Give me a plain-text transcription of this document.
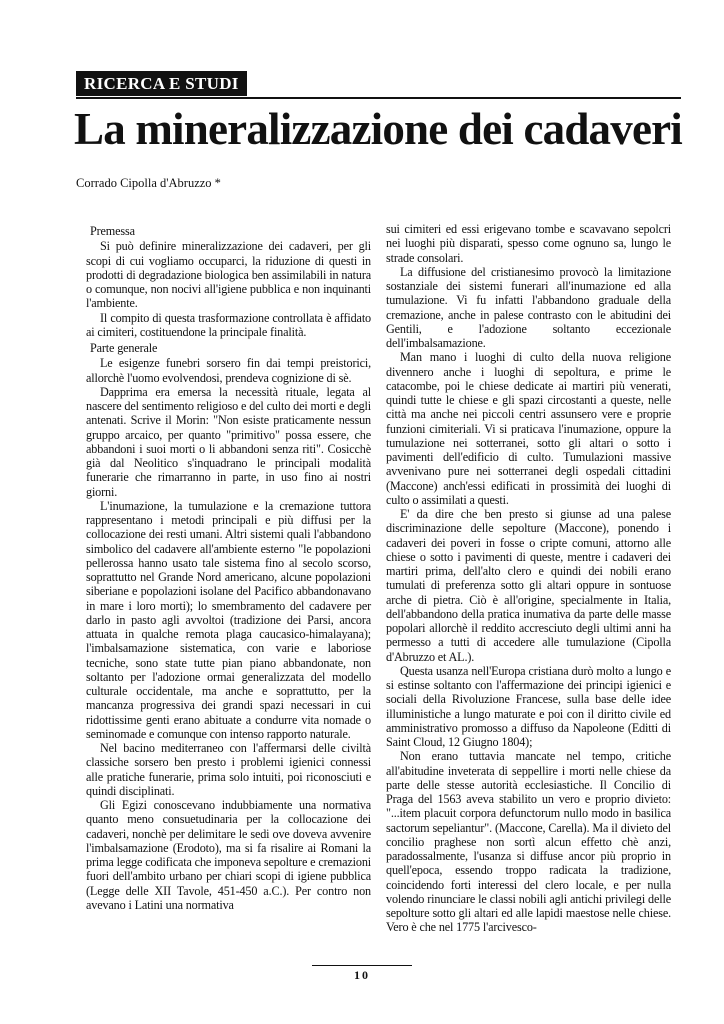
RICERCA E STUDI
La mineralizzazione dei cadaveri
Corrado Cipolla d'Abruzzo *

Premessa

Si può definire mineralizzazione dei cadaveri, per gli scopi di cui vogliamo occuparci, la riduzione di questi in prodotti di degradazione biologica ben assimilabili in natura o comunque, non nocivi all'igiene pubblica e non inquinanti l'ambiente.

Il compito di questa trasformazione controllata è affidato ai cimiteri, costituendone la principale finalità.

Parte generale

Le esigenze funebri sorsero fin dai tempi preistorici, allorchè l'uomo evolvendosi, prendeva cognizione di sè.

Dapprima era emersa la necessità rituale, legata al nascere del sentimento religioso e del culto dei morti e degli antenati. Scrive il Morin: "Non esiste praticamente nessun gruppo arcaico, per quanto "primitivo" possa essere, che abbandoni i suoi morti o li abbandoni senza riti". Cosicchè già dal Neolitico s'inquadrano le principali modalità funerarie che rimarranno in parte, in uso fino ai nostri giorni.

L'inumazione, la tumulazione e la cremazione tuttora rappresentano i metodi principali e più diffusi per la collocazione dei resti umani. Altri sistemi quali l'abbandono simbolico del cadavere all'ambiente esterno "le popolazioni pellerossa hanno usato tale sistema fino al secolo scorso, soprattutto nel Grande Nord americano, alcune popolazioni siberiane e popolazioni isolane del Pacifico abbandonavano in mare i loro morti); lo smembramento del cadavere per darlo in pasto agli avvoltoi (tradizione dei Parsi, ancora attuata in qualche remota plaga caucasico-himalayana); l'imbalsamazione sistematica, con varie e laboriose tecniche, sono state tutte pian piano abbandonate, non soltanto per l'adozione ormai generalizzata del modello culturale occidentale, ma anche e soprattutto, per la mancanza progressiva dei grandi spazi necessari in cui ridottissime genti erano abituate a condurre vita nomade o seminomade e comunque con intenso rapporto naturale.

Nel bacino mediterraneo con l'affermarsi delle civiltà classiche sorsero ben presto i problemi igienici connessi alle pratiche funerarie, prima solo intuiti, poi riconosciuti e quindi disciplinati.

Gli Egizi conoscevano indubbiamente una normativa quanto meno consuetudinaria per la collocazione dei cadaveri, nonchè per delimitare le sedi ove doveva avvenire l'imbalsamazione (Erodoto), ma si fa risalire ai Romani la prima legge codificata che imponeva sepolture e cremazioni fuori dell'ambito urbano per chiari scopi di igiene pubblica (Legge delle XII Tavole, 451-450 a.C.). Per contro non avevano i Latini una normativa

sui cimiteri ed essi erigevano tombe e scavavano sepolcri nei luoghi più disparati, spesso come ognuno sa, lungo le strade consolari.

La diffusione del cristianesimo provocò la limitazione sostanziale dei sistemi funerari all'inumazione ed alla tumulazione. Vi fu infatti l'abbandono graduale della cremazione, anche in palese contrasto con le abitudini dei Gentili, e l'adozione soltanto eccezionale dell'imbalsamazione.

Man mano i luoghi di culto della nuova religione divennero anche i luoghi di sepoltura, e prime le catacombe, poi le chiese dedicate ai martiri più venerati, quindi tutte le chiese e gli spazi circostanti a queste, nelle città ma anche nei piccoli centri assunsero vere e proprie funzioni cimiteriali. Vi si praticava l'inumazione, oppure la tumulazione nei sotterranei, sotto gli altari o sotto i pavimenti dell'edificio di culto. Tumulazioni massive avvenivano pure nei sotterranei degli ospedali cittadini (Maccone) anch'essi edificati in prossimità dei luoghi di culto o assimilati a questi.

E' da dire che ben presto si giunse ad una palese discriminazione delle sepolture (Maccone), ponendo i cadaveri dei poveri in fosse o cripte comuni, attorno alle chiese o sotto i pavimenti di queste, mentre i cadaveri dei martiri prima, dell'alto clero e quindi dei nobili erano tumulati di preferenza sotto gli altari oppure in sontuose arche di pietra. Ciò è all'origine, specialmente in Italia, dell'abbandono della pratica inumativa da parte delle masse popolari allorchè il reddito accresciuto degli ultimi anni ha permesso a tutti di accedere alle tumulazione (Cipolla d'Abruzzo et AL.).

Questa usanza nell'Europa cristiana durò molto a lungo e si estinse soltanto con l'affermazione dei principi igienici e sociali della Rivoluzione Francese, sulla base delle idee illuministiche a lungo maturate e poi con il diritto civile ed amministrativo promosso a diffuso da Napoleone (Editti di Saint Cloud, 12 Giugno 1804);

Non erano tuttavia mancate nel tempo, critiche all'abitudine inveterata di seppellire i morti nelle chiese da parte delle stesse autorità ecclesiastiche. Il Concilio di Praga del 1563 aveva stabilito un vero e proprio divieto: "...item placuit corpora defunctorum nullo modo in basilica sactorum sepeliantur". (Maccone, Carella). Ma il divieto del concilio praghese non sortì alcun effetto chè anzi, paradossalmente, l'usanza si diffuse ancor più proprio in quell'epoca, essendo troppo radicata la tradizione, coincidendo forti interessi del clero locale, e per nulla volendo rinunciare le classi nobili agli antichi privilegi delle sepolture sotto gli altari ed alle lapidi maestose nelle chiese. Vero è che nel 1775 l'arcivesco-

10
